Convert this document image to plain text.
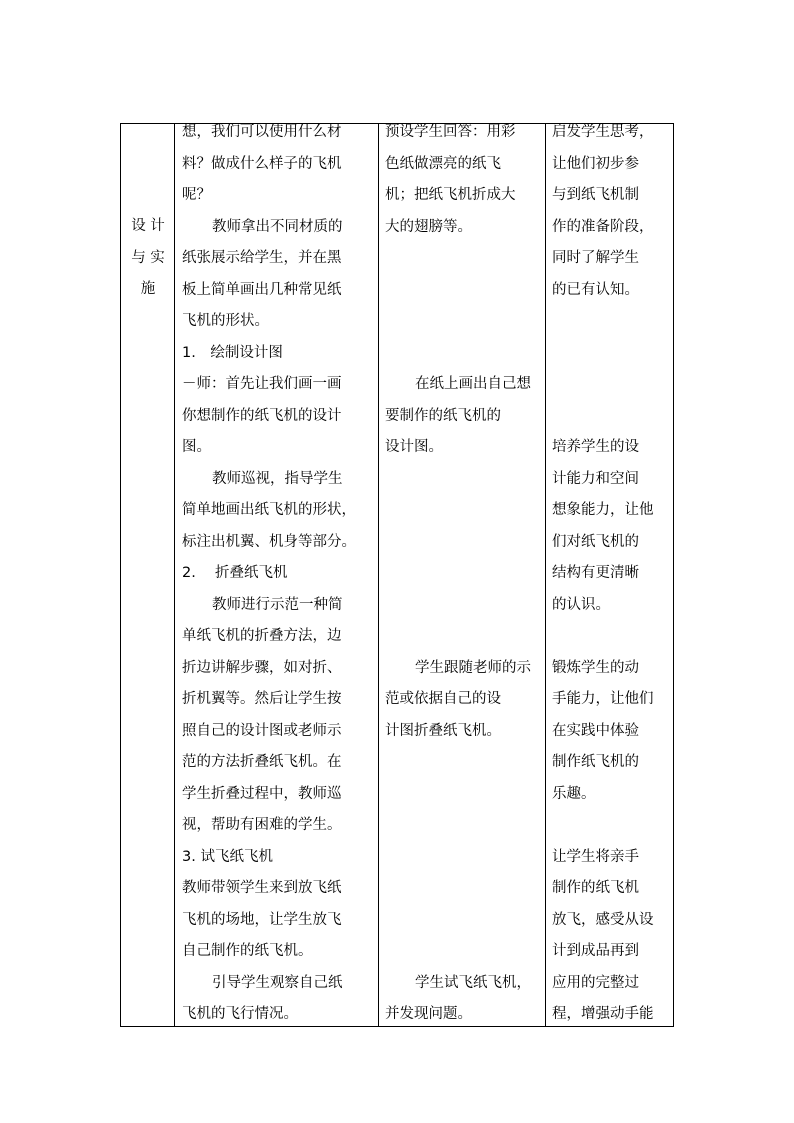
设 计
与 实
施
想，我们可以使用什么材
料？做成什么样子的飞机
呢？
教师拿出不同材质的
纸张展示给学生，并在黑
板上简单画出几种常见纸
飞机的形状。
1.　绘制设计图
－师：首先让我们画一画
你想制作的纸飞机的设计
图。
教师巡视，指导学生
简单地画出纸飞机的形状，
标注出机翼、机身等部分。
2.　 折叠纸飞机
教师进行示范一种简
单纸飞机的折叠方法，边
折边讲解步骤，如对折、
折机翼等。然后让学生按
照自己的设计图或老师示
范的方法折叠纸飞机。在
学生折叠过程中，教师巡
视，帮助有困难的学生。
3. 试飞纸飞机
教师带领学生来到放飞纸
飞机的场地，让学生放飞
自己制作的纸飞机。
引导学生观察自己纸
飞机的飞行情况。
预设学生回答：用彩
色纸做漂亮的纸飞
机；把纸飞机折成大
大的翅膀等。
在纸上画出自己想
要制作的纸飞机的
设计图。
学生跟随老师的示
范或依据自己的设
计图折叠纸飞机。
学生试飞纸飞机，
并发现问题。
启发学生思考，
让他们初步参
与到纸飞机制
作的准备阶段，
同时了解学生
的已有认知。
培养学生的设
计能力和空间
想象能力，让他
们对纸飞机的
结构有更清晰
的认识。
锻炼学生的动
手能力，让他们
在实践中体验
制作纸飞机的
乐趣。
让学生将亲手
制作的纸飞机
放飞，感受从设
计到成品再到
应用的完整过
程，增强动手能
